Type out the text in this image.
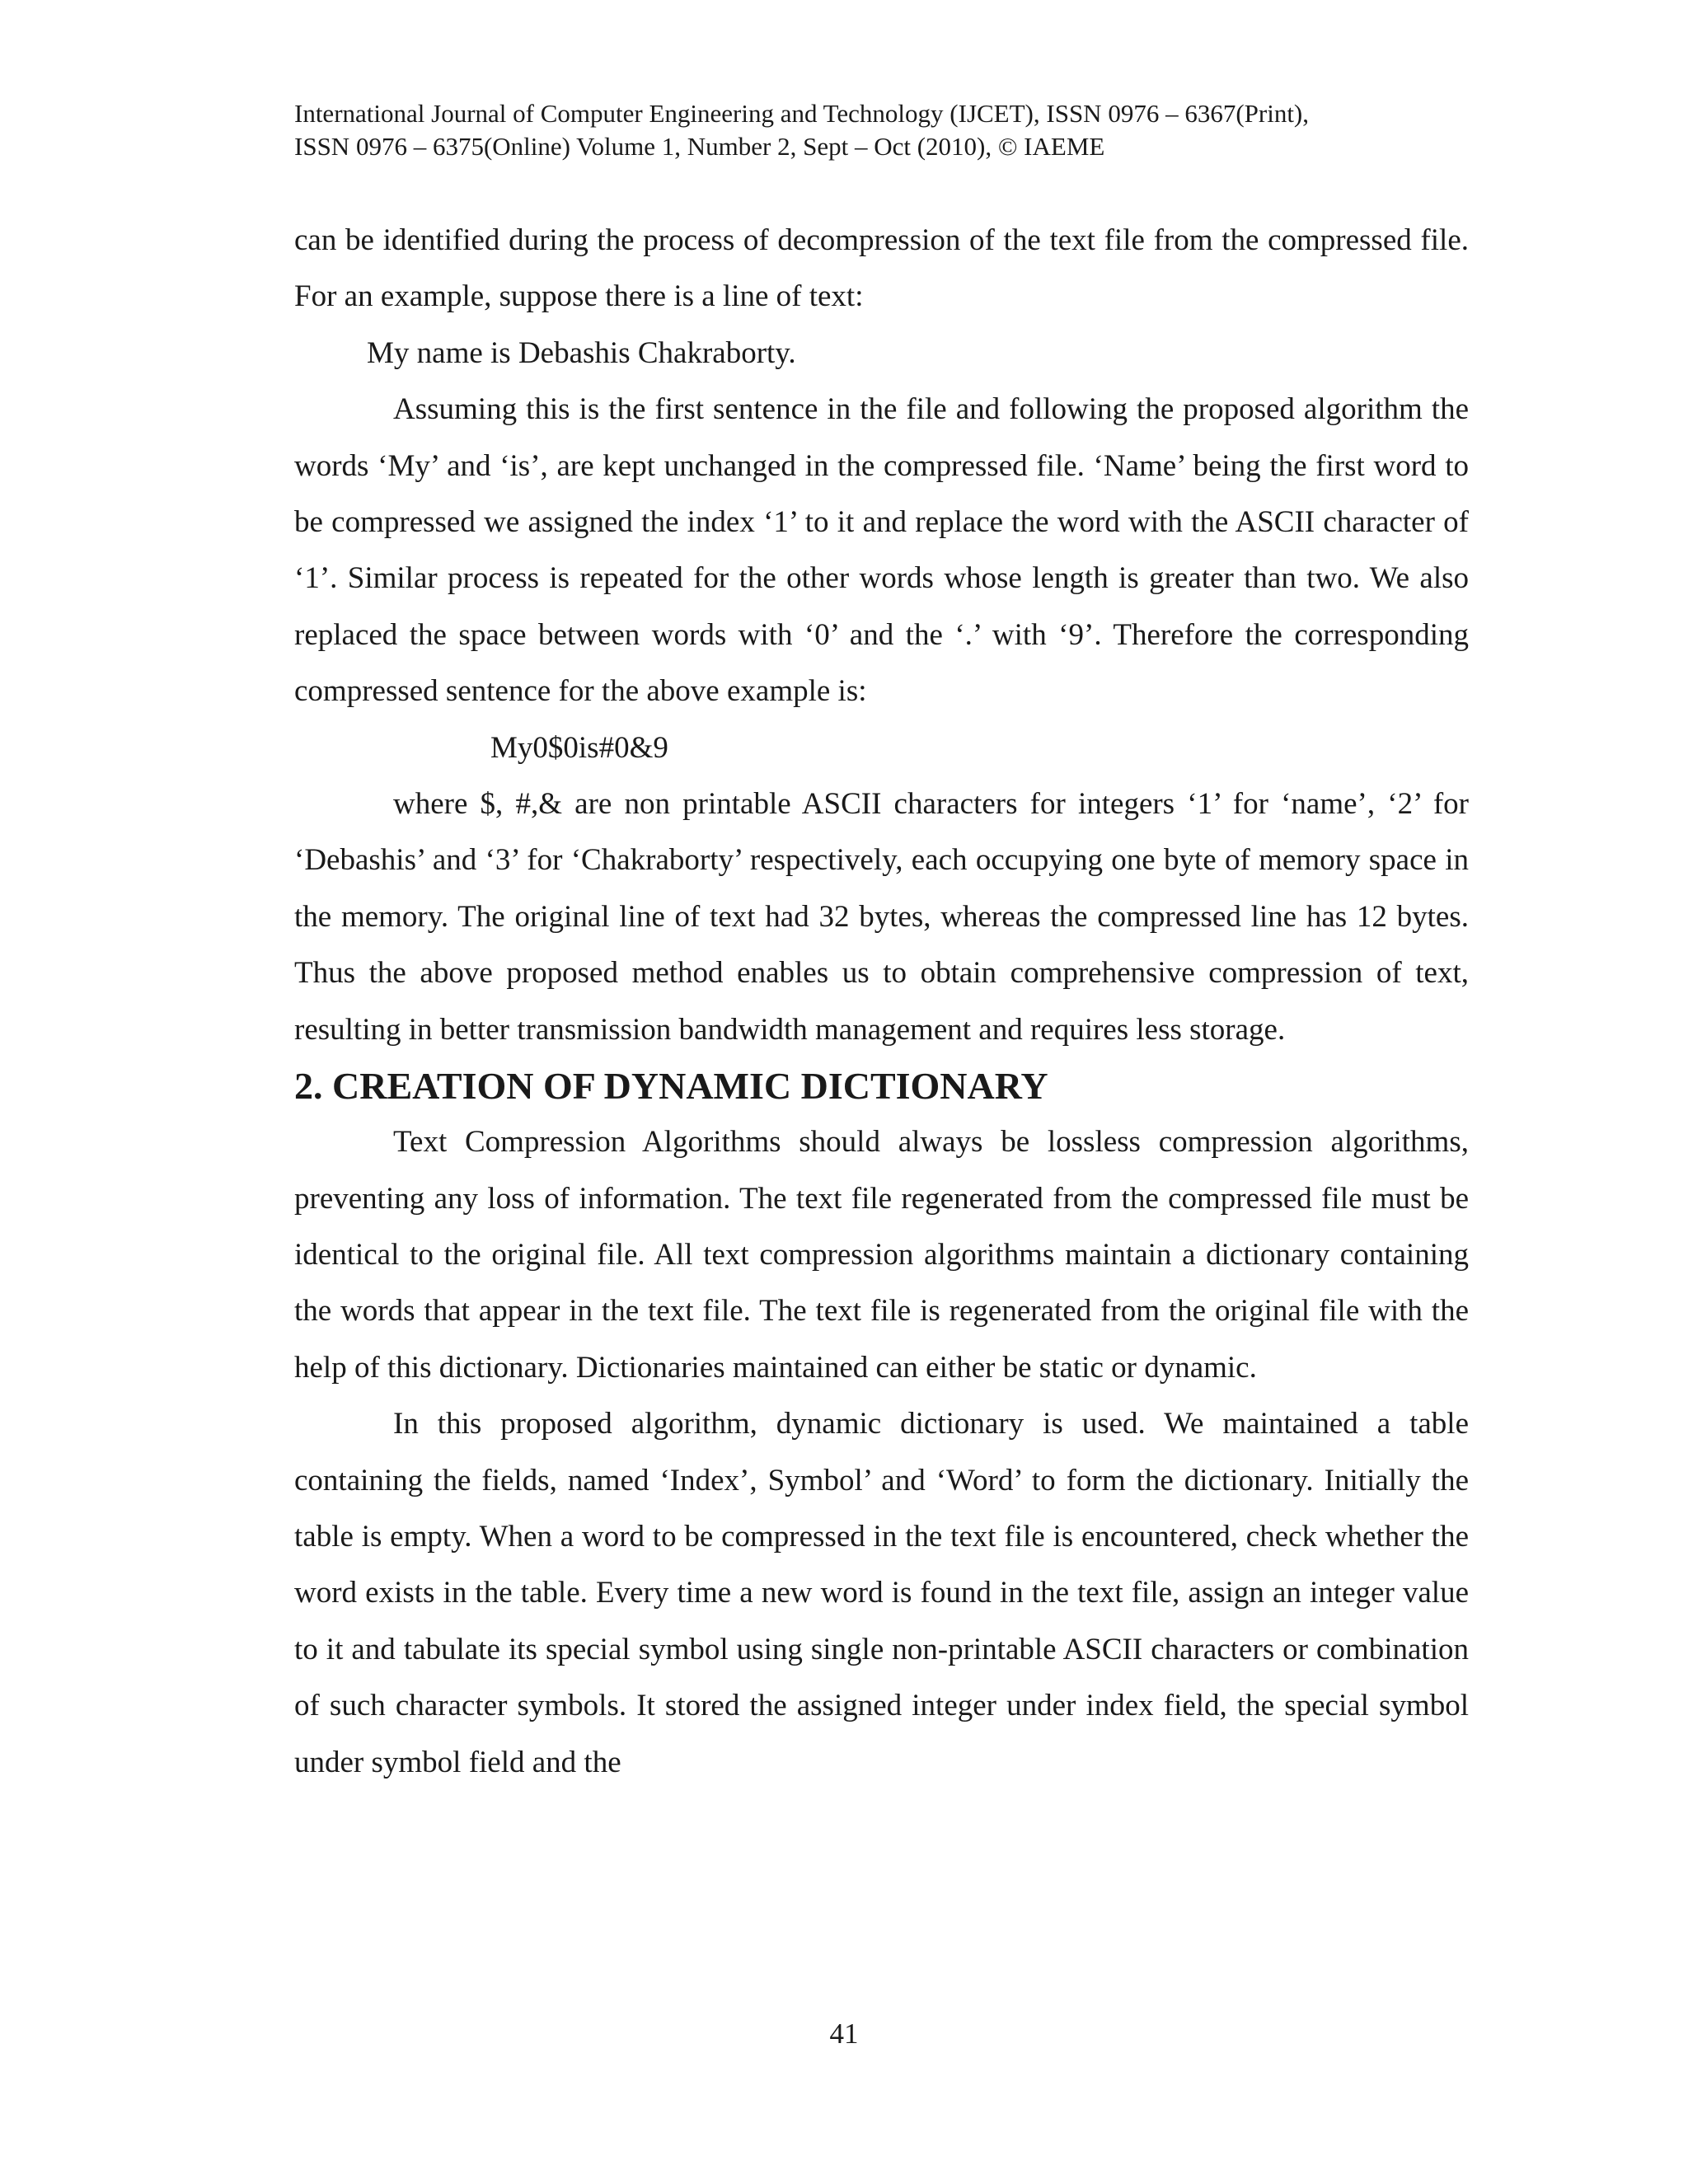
International Journal of Computer Engineering and Technology (IJCET), ISSN 0976 – 6367(Print),
ISSN 0976 – 6375(Online) Volume 1, Number 2, Sept – Oct (2010), © IAEME

can be identified during the process of decompression of the text file from the compressed file. For an example, suppose there is a line of text:

My name is Debashis Chakraborty.

Assuming this is the first sentence in the file and following the proposed algorithm the words ‘My’ and ‘is’, are kept unchanged in the compressed file. ‘Name’ being the first word to be compressed we assigned the index ‘1’ to it and replace the word with the ASCII character of ‘1’. Similar process is repeated for the other words whose length is greater than two. We also replaced the space between words with ‘0’ and the ‘.’ with ‘9’. Therefore the corresponding compressed sentence for the above example is:

My0$0is#0&9

where $, #,& are non printable ASCII characters for integers ‘1’ for ‘name’, ‘2’ for ‘Debashis’ and ‘3’ for ‘Chakraborty’ respectively, each occupying one byte of memory space in the memory. The original line of text had 32 bytes, whereas the compressed line has 12 bytes. Thus the above proposed method enables us to obtain comprehensive compression of text, resulting in better transmission bandwidth management and requires less storage.

2. CREATION OF DYNAMIC DICTIONARY

Text Compression Algorithms should always be lossless compression algorithms, preventing any loss of information. The text file regenerated from the compressed file must be identical to the original file. All text compression algorithms maintain a dictionary containing the words that appear in the text file. The text file is regenerated from the original file with the help of this dictionary. Dictionaries maintained can either be static or dynamic.

In this proposed algorithm, dynamic dictionary is used. We maintained a table containing the fields, named ‘Index’, Symbol’ and ‘Word’ to form the dictionary. Initially the table is empty. When a word to be compressed in the text file is encountered, check whether the word exists in the table. Every time a new word is found in the text file, assign an integer value to it and tabulate its special symbol using single non-printable ASCII characters or combination of such character symbols. It stored the assigned integer under index field, the special symbol under symbol field and the

41
